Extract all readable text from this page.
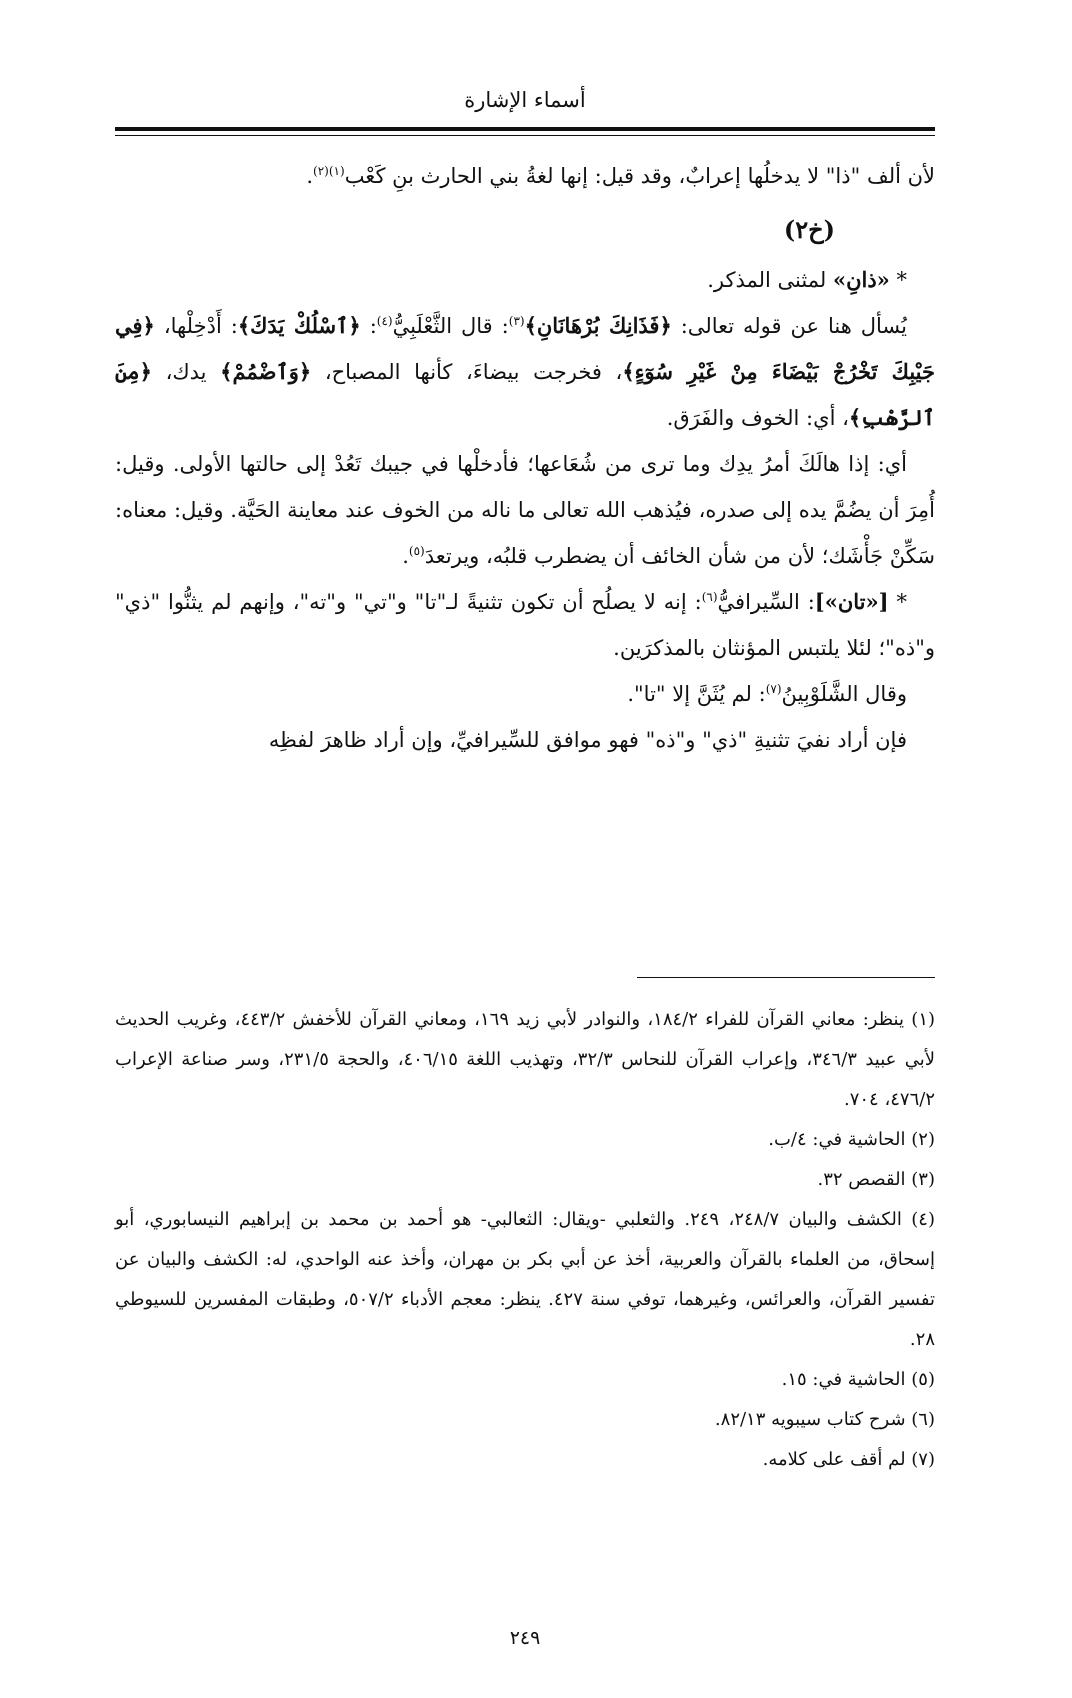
أسماء الإشارة

لأن ألف "ذا" لا يدخلُها إعرابٌ، وقد قيل: إنها لغةُ بني الحارث بنِ كَعْب$^{(١)(٢)}$.

(خ٢)

* «ذانِ» لمثنى المذكر.

يُسأل هنا عن قوله تعالى: ﴿فَذَانِكَ بُرْهَانَانِ﴾$^{(٣)}$: قال الثَّعْلَبِيُّ$^{(٤)}$: ﴿ٱسْلُكْ يَدَكَ﴾: أَدْخِلْها، ﴿فِي جَيْبِكَ تَخْرُجْ بَيْضَاءَ مِنْ غَيْرِ سُوٓءٍ﴾، فخرجت بيضاءَ، كأنها المصباح، ﴿وَٱضْمُمْ﴾ يدك، ﴿مِنَ ٱلرَّهْبِ﴾، أي: الخوف والفَرَق.

أي: إذا هالَكَ أمرُ يدِك وما ترى من شُعَاعها؛ فأدخلْها في جيبك تَعُدْ إلى حالتها الأولى. وقيل: أُمِرَ أن يضُمَّ يده إلى صدره، فيُذهب الله تعالى ما ناله من الخوف عند معاينة الحَيَّة. وقيل: معناه: سَكِّنْ جَأْشَك؛ لأن من شأن الخائف أن يضطرب قلبُه، ويرتعدَ$^{(٥)}$.

* [«تان»]: السِّيرافيُّ$^{(٦)}$: إنه لا يصلُح أن تكون تثنيةً لـ"تا" و"تي" و"ته"، وإنهم لم يثنُّوا "ذي" و"ذه"؛ لئلا يلتبس المؤنثان بالمذكرَين.

وقال الشَّلَوْبِينُ$^{(٧)}$: لم يُثَنَّ إلا "تا".

فإن أراد نفيَ تثنيةِ "ذي" و"ذه" فهو موافق للسِّيرافيِّ، وإن أراد ظاهرَ لفظِه

(١) ينظر: معاني القرآن للفراء ١٨٤/٢، والنوادر لأبي زيد ١٦٩، ومعاني القرآن للأخفش ٤٤٣/٢، وغريب الحديث لأبي عبيد ٣٤٦/٣، وإعراب القرآن للنحاس ٣٢/٣، وتهذيب اللغة ٤٠٦/١٥، والحجة ٢٣١/٥، وسر صناعة الإعراب ٤٧٦/٢، ٧٠٤.

(٢) الحاشية في: ٤/ب.

(٣) القصص ٣٢.

(٤) الكشف والبيان ٢٤٨/٧، ٢٤٩. والثعلبي -ويقال: الثعالبي- هو أحمد بن محمد بن إبراهيم النيسابوري، أبو إسحاق، من العلماء بالقرآن والعربية، أخذ عن أبي بكر بن مهران، وأخذ عنه الواحدي، له: الكشف والبيان عن تفسير القرآن، والعرائس، وغيرهما، توفي سنة ٤٢٧. ينظر: معجم الأدباء ٥٠٧/٢، وطبقات المفسرين للسيوطي ٢٨.

(٥) الحاشية في: ١٥.

(٦) شرح كتاب سيبويه ٨٢/١٣.

(٧) لم أقف على كلامه.

٢٤٩
